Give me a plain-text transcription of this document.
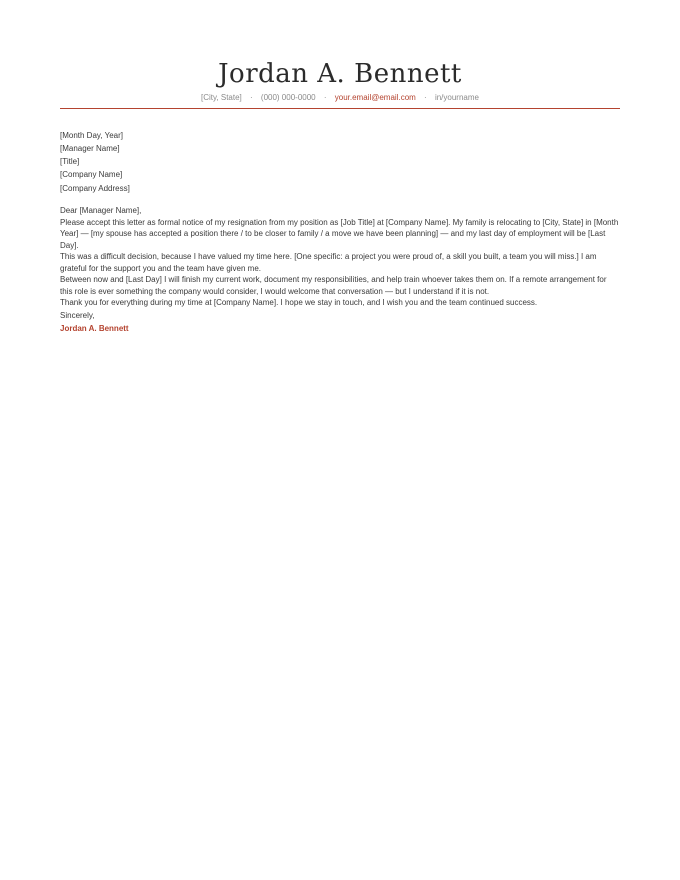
Jordan A. Bennett
[City, State] · (000) 000-0000 · your.email@email.com · in/yourname

[Month Day, Year]

[Manager Name]
[Title]
[Company Name]
[Company Address]

Dear [Manager Name],

Please accept this letter as formal notice of my resignation from my position as [Job Title] at [Company Name]. My family is relocating to [City, State] in [Month Year] — [my spouse has accepted a position there / to be closer to family / a move we have been planning] — and my last day of employment will be [Last Day].

This was a difficult decision, because I have valued my time here. [One specific: a project you were proud of, a skill you built, a team you will miss.] I am grateful for the support you and the team have given me.

Between now and [Last Day] I will finish my current work, document my responsibilities, and help train whoever takes them on. If a remote arrangement for this role is ever something the company would consider, I would welcome that conversation — but I understand if it is not.

Thank you for everything during my time at [Company Name]. I hope we stay in touch, and I wish you and the team continued success.

Sincerely,

Jordan A. Bennett
